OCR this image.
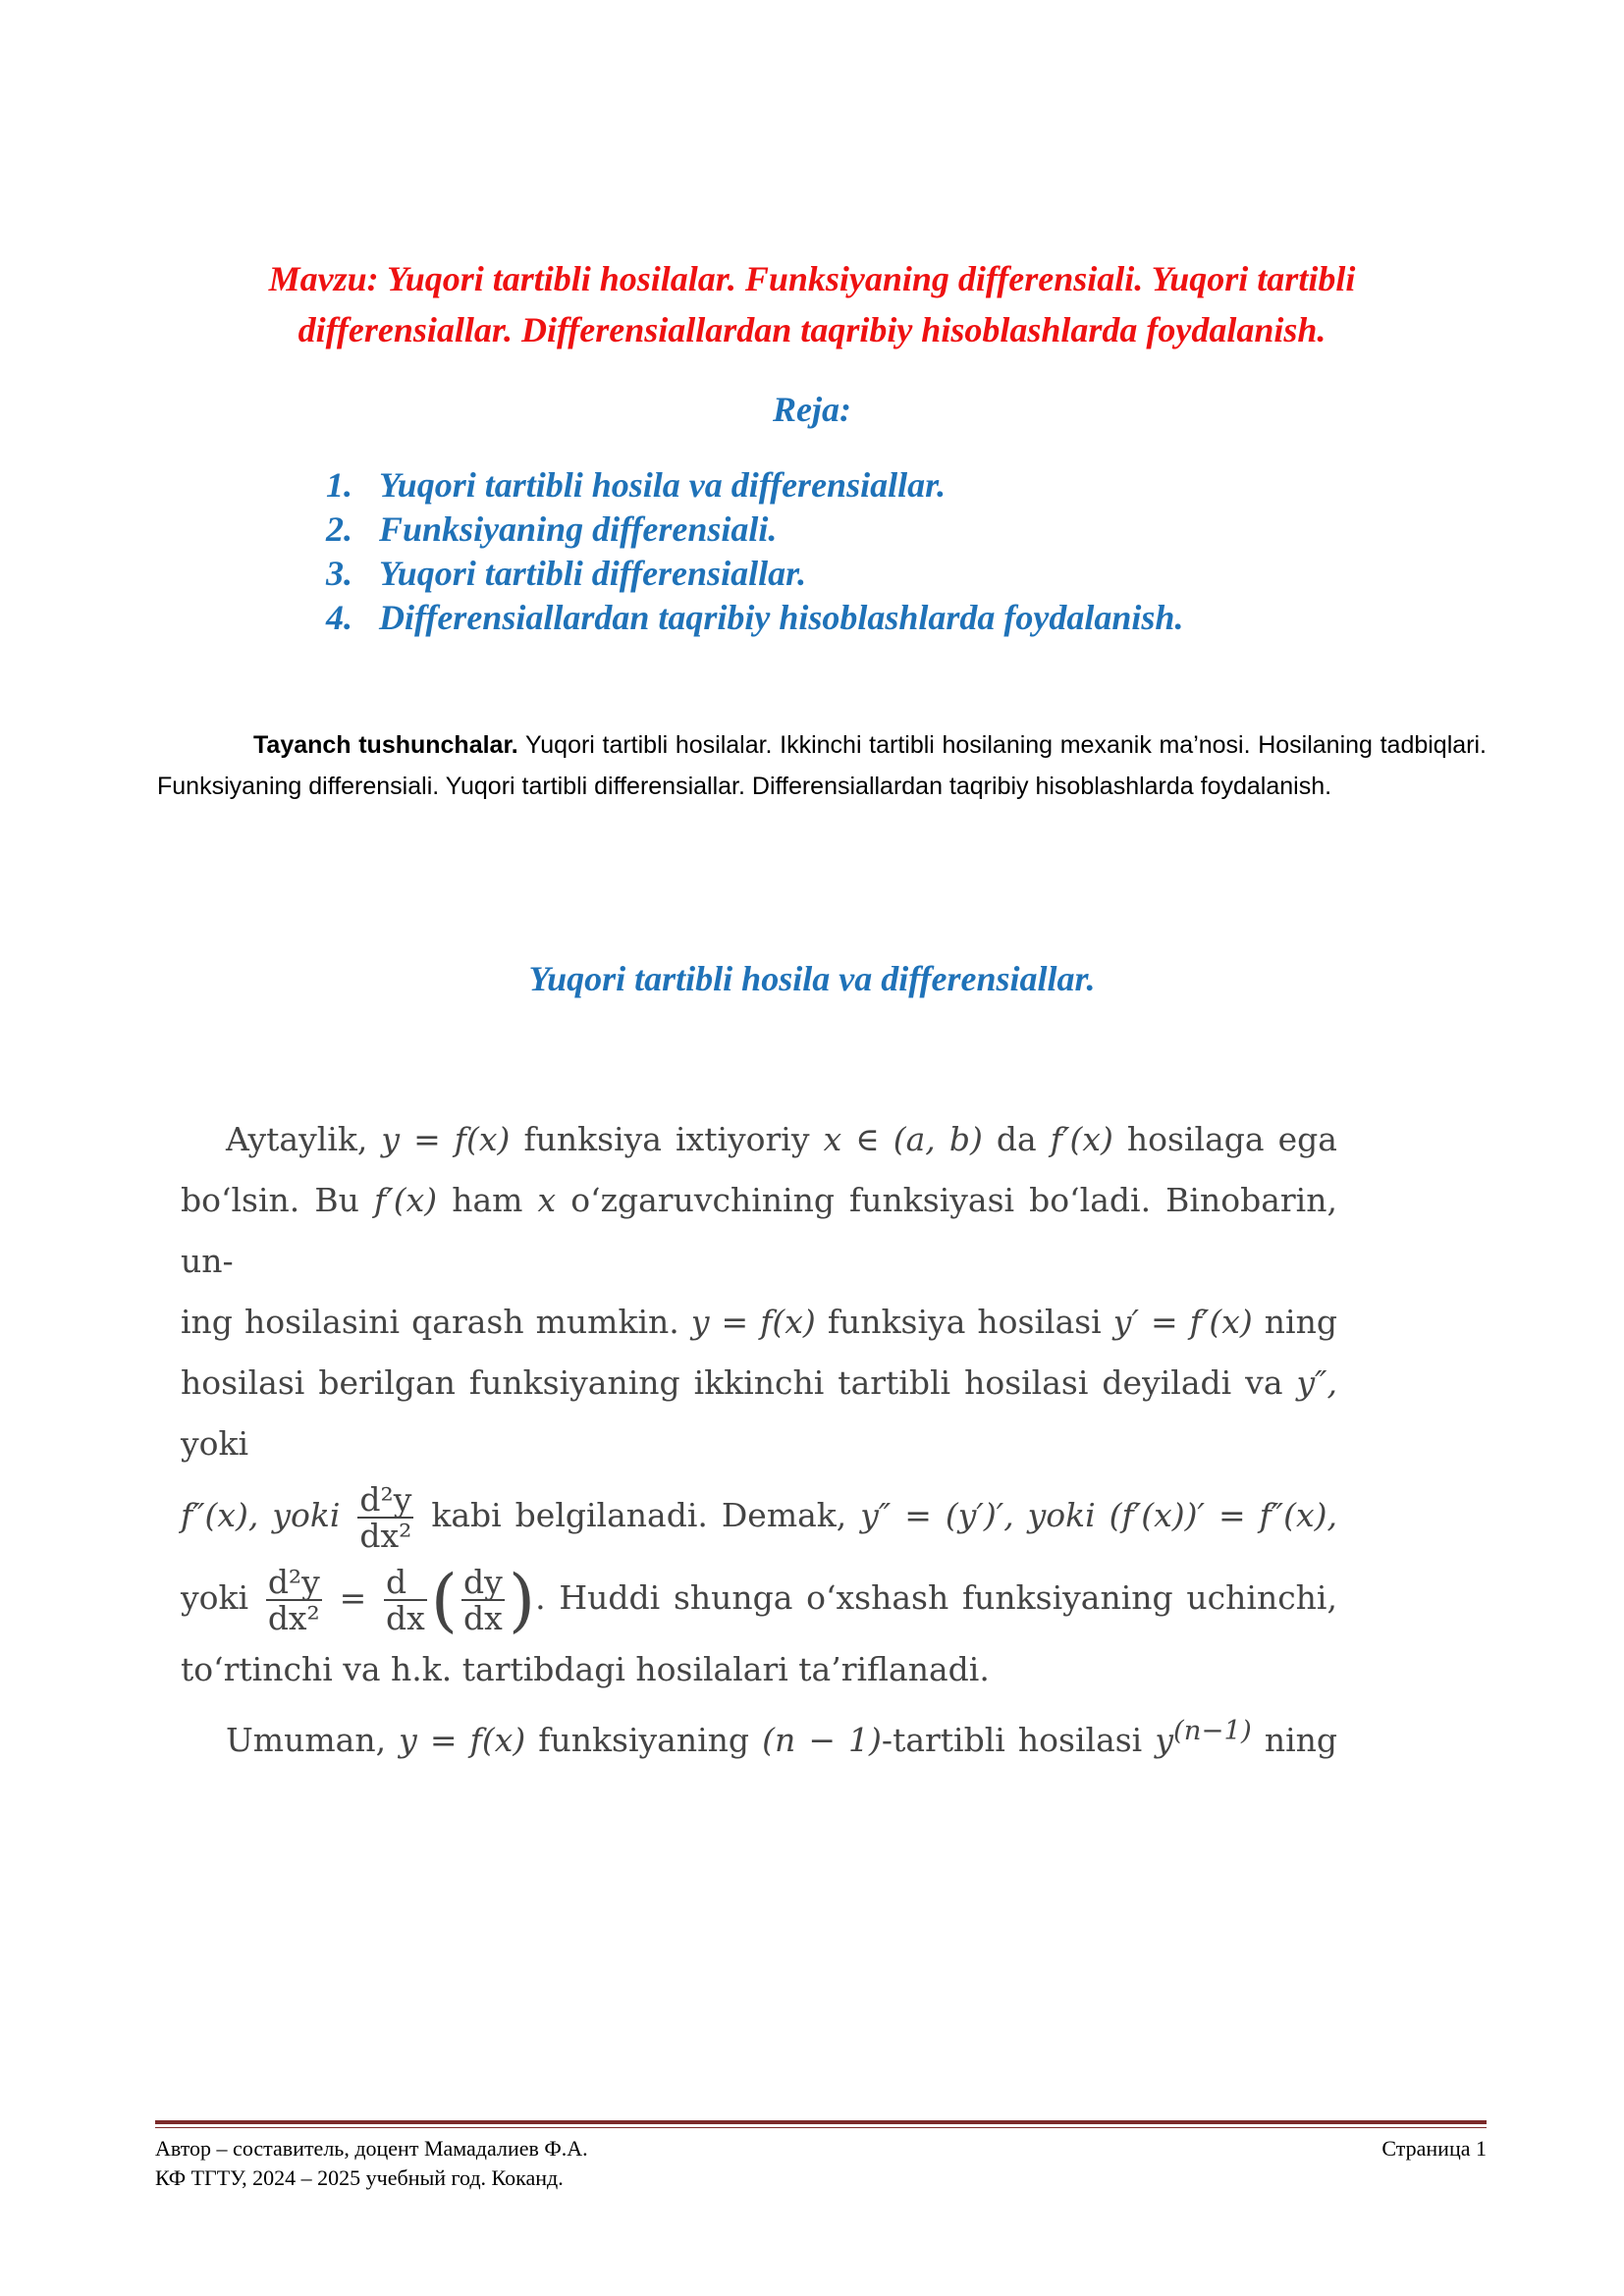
Mavzu: Yuqori tartibli hosilalar. Funksiyaning differensiali. Yuqori tartibli
differensiallar. Differensiallardan taqribiy hisoblashlarda foydalanish.
Reja:
1. Yuqori tartibli hosila va differensiallar.
2. Funksiyaning differensiali.
3. Yuqori tartibli differensiallar.
4. Differensiallardan taqribiy hisoblashlarda foydalanish.
Tayanch tushunchalar. Yuqori tartibli hosilalar. Ikkinchi tartibli hosilaning mexanik ma’nosi. Hosilaning tadbiqlari. Funksiyaning differensiali. Yuqori tartibli differensiallar. Differensiallardan taqribiy hisoblashlarda foydalanish.
Yuqori tartibli hosila va differensiallar.

Aytaylik, y = f(x) funksiya ixtiyoriy x ∈ (a, b) da f′(x) hosilaga ega

bo‘lsin. Bu f′(x) ham x o‘zgaruvchining funksiyasi bo‘ladi. Binobarin, un-

ing hosilasini qarash mumkin. y = f(x) funksiya hosilasi y′ = f′(x) ning

hosilasi berilgan funksiyaning ikkinchi tartibli hosilasi deyiladi va y″, yoki

f″(x), yoki $\frac{\text{d²y}}{\text{dx²}}$ kabi belgilanadi. Demak, y″ = (y′)′, yoki (f′(x))′ = f″(x),

yoki $\frac{\text{d²y}}{\text{dx²}} = \frac{d}{dx}$ ( $\frac{dy}{dx}$ ). Huddi shunga o‘xshash funksiyaning uchinchi,

to‘rtinchi va h.k. tartibdagi hosilalari ta’riflanadi.

Umuman, y = f(x) funksiyaning (n − 1)-tartibli hosilasi $y^{(n-1)}$ ning

Автор – составитель, доцент Мамадалиев Ф.А.
КФ ТГТУ, 2024 – 2025 учебный год. Коканд.
Страница 1
